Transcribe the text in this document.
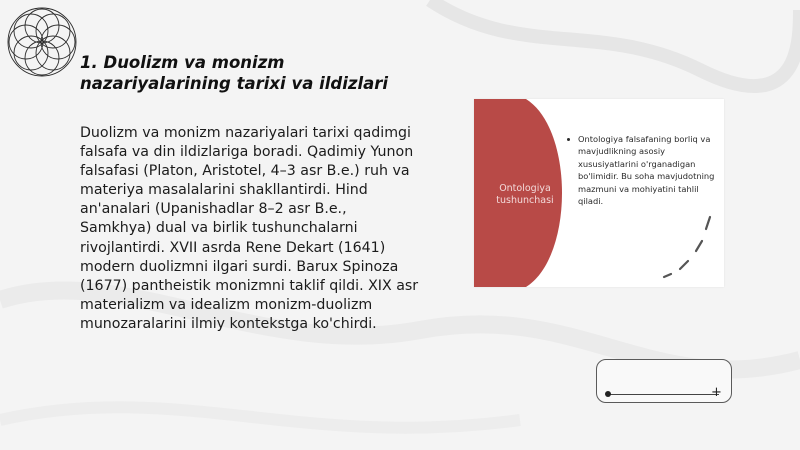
1. Duolizm va monizm
nazariyalarining tarixi va ildizlari

Duolizm va monizm nazariyalari tarixi qadimgi falsafa va din ildizlariga boradi. Qadimiy Yunon falsafasi (Platon, Aristotel, 4–3 asr B.e.) ruh va materiya masalalarini shakllantirdi. Hind an'analari (Upanishadlar 8–2 asr B.e., Samkhya) dual va birlik tushunchalarni rivojlantirdi. XVII asrda Rene Dekart (1641) modern duolizmni ilgari surdi. Barux Spinoza (1677) pantheistik monizmni taklif qildi. XIX asr materializm va idealizm monizm-duolizm munozaralarini ilmiy kontekstga ko'chirdi.

Ontologiya tushunchasi
Ontologiya falsafaning borliq va mavjudlikning asosiy xususiyatlarini o'rganadigan bo'limidir. Bu soha mavjudotning mazmuni va mohiyatini tahlil qiladi.
+
